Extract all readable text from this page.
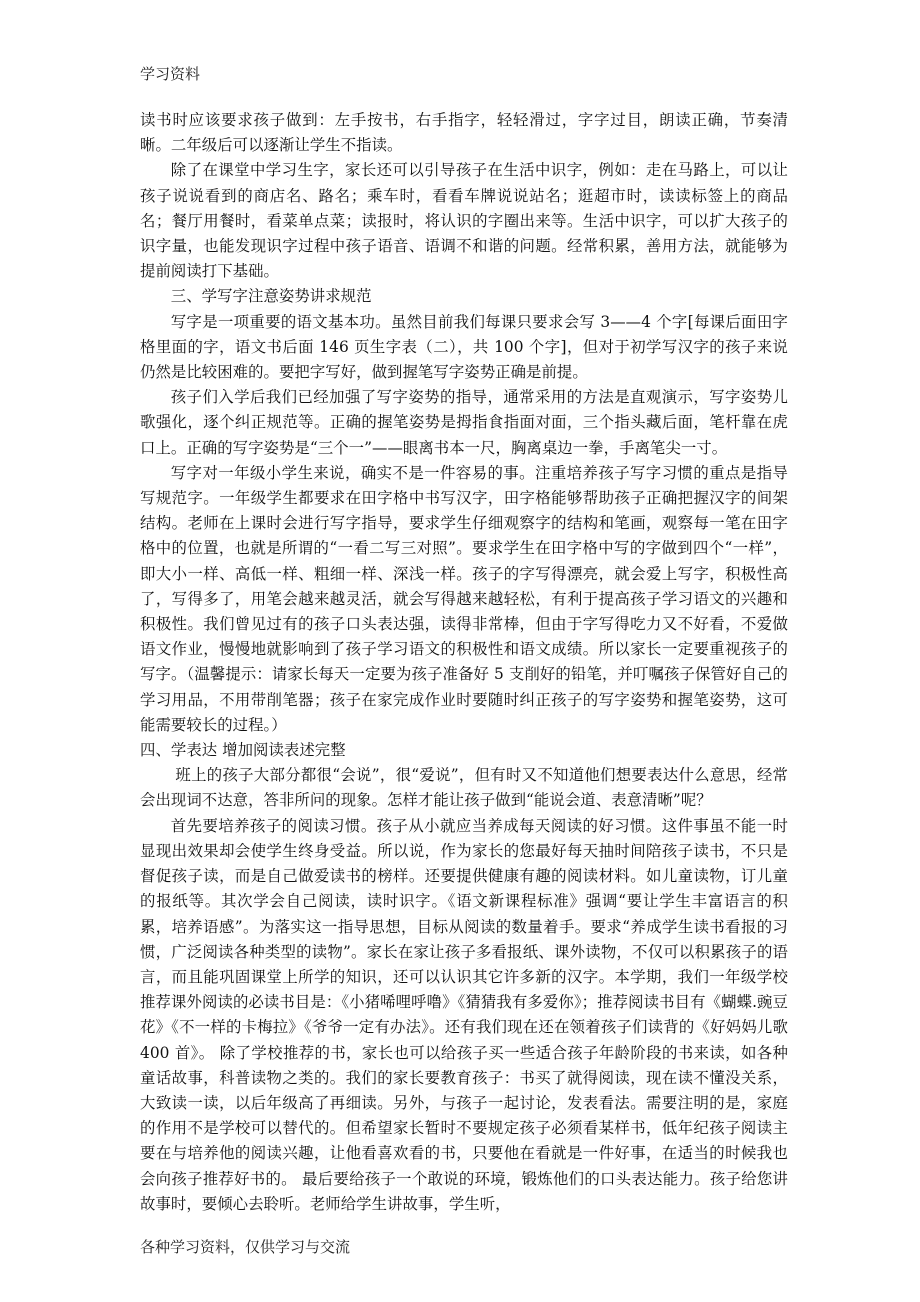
学习资料

读书时应该要求孩子做到：左手按书，右手指字，轻轻滑过，字字过目，朗读正确，节奏清晰。二年级后可以逐渐让学生不指读。

除了在课堂中学习生字，家长还可以引导孩子在生活中识字，例如：走在马路上，可以让孩子说说看到的商店名、路名；乘车时，看看车牌说说站名；逛超市时，读读标签上的商品名；餐厅用餐时，看菜单点菜；读报时，将认识的字圈出来等。生活中识字，可以扩大孩子的识字量，也能发现识字过程中孩子语音、语调不和谐的问题。经常积累，善用方法，就能够为提前阅读打下基础。

三、学写字注意姿势讲求规范

写字是一项重要的语文基本功。虽然目前我们每课只要求会写 3——4 个字[每课后面田字格里面的字，语文书后面 146 页生字表（二），共 100 个字]，但对于初学写汉字的孩子来说仍然是比较困难的。要把字写好，做到握笔写字姿势正确是前提。

孩子们入学后我们已经加强了写字姿势的指导，通常采用的方法是直观演示，写字姿势儿歌强化，逐个纠正规范等。正确的握笔姿势是拇指食指面对面，三个指头藏后面，笔杆靠在虎口上。正确的写字姿势是“三个一”——眼离书本一尺，胸离桌边一拳，手离笔尖一寸。

写字对一年级小学生来说，确实不是一件容易的事。注重培养孩子写字习惯的重点是指导写规范字。一年级学生都要求在田字格中书写汉字，田字格能够帮助孩子正确把握汉字的间架结构。老师在上课时会进行写字指导，要求学生仔细观察字的结构和笔画，观察每一笔在田字格中的位置，也就是所谓的“一看二写三对照”。要求学生在田字格中写的字做到四个“一样”，即大小一样、高低一样、粗细一样、深浅一样。孩子的字写得漂亮，就会爱上写字，积极性高了，写得多了，用笔会越来越灵活，就会写得越来越轻松，有利于提高孩子学习语文的兴趣和积极性。我们曾见过有的孩子口头表达强，读得非常棒，但由于字写得吃力又不好看，不爱做语文作业，慢慢地就影响到了孩子学习语文的积极性和语文成绩。所以家长一定要重视孩子的写字。（温馨提示：请家长每天一定要为孩子准备好 5 支削好的铅笔，并叮嘱孩子保管好自己的学习用品，不用带削笔器；孩子在家完成作业时要随时纠正孩子的写字姿势和握笔姿势，这可能需要较长的过程。）

四、学表达 增加阅读表述完整

班上的孩子大部分都很“会说”，很“爱说”，但有时又不知道他们想要表达什么意思，经常会出现词不达意，答非所问的现象。怎样才能让孩子做到“能说会道、表意清晰”呢？

首先要培养孩子的阅读习惯。孩子从小就应当养成每天阅读的好习惯。这件事虽不能一时显现出效果却会使学生终身受益。所以说，作为家长的您最好每天抽时间陪孩子读书，不只是督促孩子读，而是自己做爱读书的榜样。还要提供健康有趣的阅读材料。如儿童读物，订儿童的报纸等。其次学会自己阅读，读时识字。《语文新课程标准》强调“要让学生丰富语言的积累，培养语感”。为落实这一指导思想，目标从阅读的数量着手。要求“养成学生读书看报的习惯，广泛阅读各种类型的读物”。家长在家让孩子多看报纸、课外读物，不仅可以积累孩子的语言，而且能巩固课堂上所学的知识，还可以认识其它许多新的汉字。本学期，我们一年级学校推荐课外阅读的必读书目是：《小猪唏哩呼噜》《猜猜我有多爱你》；推荐阅读书目有《蝴蝶.豌豆花》《不一样的卡梅拉》《爷爷一定有办法》。还有我们现在还在领着孩子们读背的《好妈妈儿歌 400 首》。 除了学校推荐的书，家长也可以给孩子买一些适合孩子年龄阶段的书来读，如各种童话故事，科普读物之类的。我们的家长要教育孩子：书买了就得阅读，现在读不懂没关系，大致读一读，以后年级高了再细读。另外，与孩子一起讨论，发表看法。需要注明的是，家庭的作用不是学校可以替代的。但希望家长暂时不要规定孩子必须看某样书，低年纪孩子阅读主要在与培养他的阅读兴趣，让他看喜欢看的书，只要他在看就是一件好事，在适当的时候我也会向孩子推荐好书的。 最后要给孩子一个敢说的环境，锻炼他们的口头表达能力。孩子给您讲故事时，要倾心去聆听。老师给学生讲故事，学生听，

各种学习资料，仅供学习与交流
